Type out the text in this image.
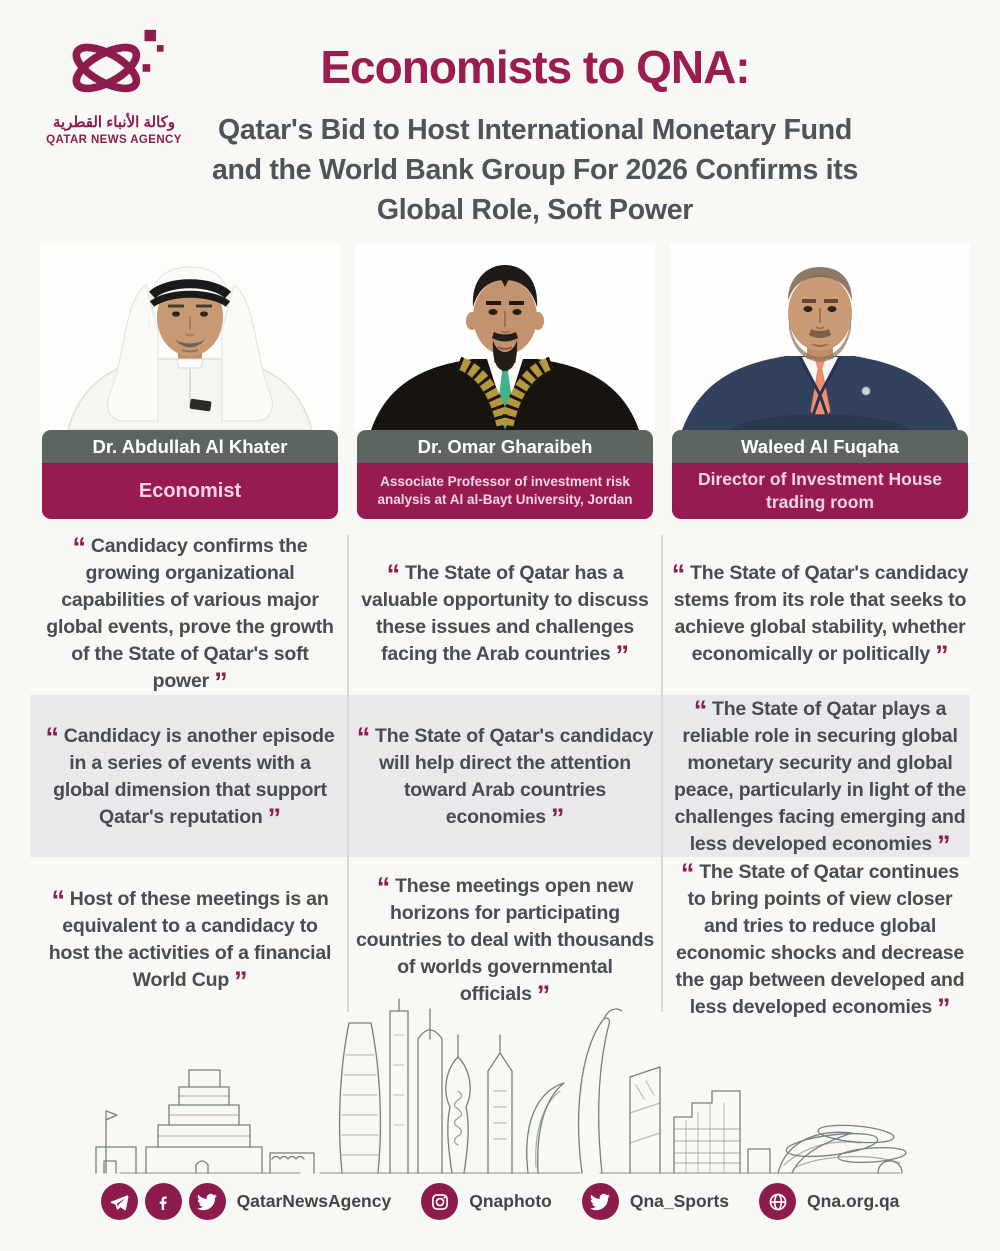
وكالة الأنباء القطرية
QATAR NEWS AGENCY
Economists to QNA:
Qatar's Bid to Host International Monetary Fund
and the World Bank Group For 2026 Confirms its
Global Role, Soft Power
Dr. Abdullah Al Khater
Economist
“ Candidacy confirms the growing organizational capabilities of various major global events, prove the growth of the State of Qatar's soft power ”
“ Candidacy is another episode in a series of events with a global dimension that support Qatar's reputation ”
“ Host of these meetings is an equivalent to a candidacy to host the activities of a financial World Cup ”
Dr. Omar Gharaibeh
Associate Professor of investment risk analysis at Al al-Bayt University, Jordan
“ The State of Qatar has a valuable opportunity to discuss these issues and challenges facing the Arab countries ”
“ The State of Qatar's candidacy will help direct the attention toward Arab countries economies ”
“ These meetings open new horizons for participating countries to deal with thousands of worlds governmental officials ”
Waleed Al Fuqaha
Director of Investment House trading room
“ The State of Qatar's candidacy stems from its role that seeks to achieve global stability, whether economically or politically ”
“ The State of Qatar plays a reliable role in securing global monetary security and global peace, particularly in light of the challenges facing emerging and less developed economies ”
“ The State of Qatar continues to bring points of view closer and tries to reduce global economic shocks and decrease the gap between developed and less developed economies ”
QatarNewsAgency	Qnaphoto	Qna_Sports	Qna.org.qa
